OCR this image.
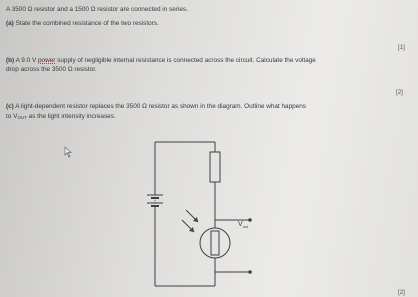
A 3500 Ω resistor and a 1500 Ω resistor are connected in series.
(a) State the combined resistance of the two resistors.
[1]
(b) A 9.0 V power supply of negligible internal resistance is connected across the circuit. Calculate the voltage
drop across the 3500 Ω resistor.
[2]
(c) A light-dependent resistor replaces the 3500 Ω resistor as shown in the diagram. Outline what happens
to $V_{OUT}$ as the light intensity increases.
[2]
$V_{out}$
